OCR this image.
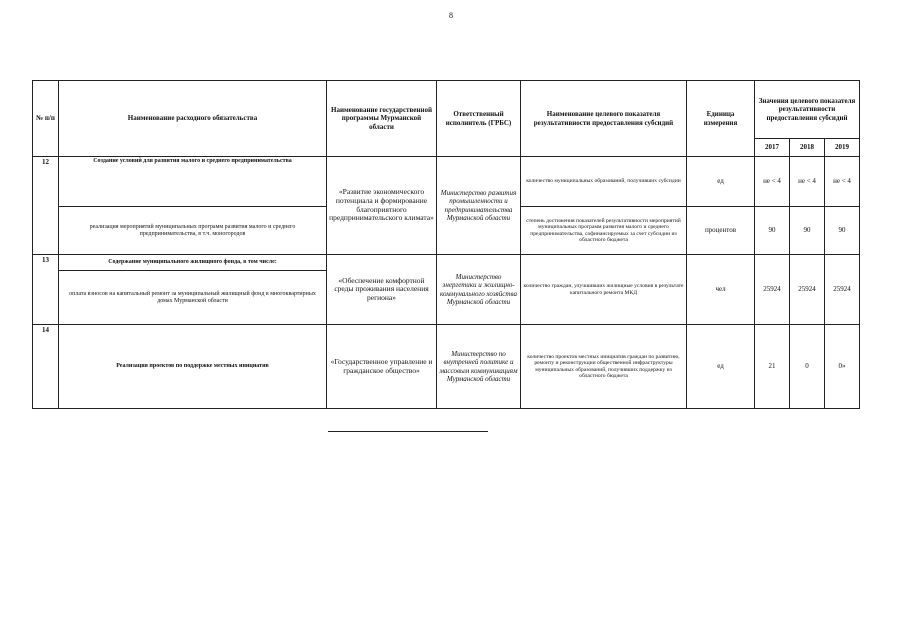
8
№ п/п	Наименование расходного обязательства	Наименование государственной программы Мурманской области	Ответственный исполнитель (ГРБС)	Наименование целевого показателя результативности предоставления субсидий	Единица измерения	Значения целевого показателя результативности предоставления субсидий		
						2017	2018	2019
12	Создание условий для развития малого и среднего предпринимательства	«Развитие экономического потенциала и формирование благоприятного предпринимательского климата»	Министерство развития промышленности и предпринимательства Мурманской области	количество муниципальных образований, получивших субсидии	ед	не < 4	не < 4	не < 4
	реализация мероприятий муниципальных программ развития малого и среднего предпринимательства, в т.ч. моногородов			степень достижения показателей результативности мероприятий муниципальных программ развития малого и среднего предпринимательства, софинансируемых за счет субсидии из областного бюджета	процентов	90	90	90
13	Содержание муниципального жилищного фонда, в том числе:	«Обеспечение комфортной среды проживания населения региона»	Министерство энергетики и жилищно-коммунального хозяйства Мурманской области	количество граждан, улучшивших жилищные условия в результате капитального ремонта МКД	чел	25924	25924	25924
	оплата взносов на капитальный ремонт за муниципальный жилищный фонд в многоквартирных домах Мурманской области							
14	Реализация проектов по поддержке местных инициатив	«Государственное управление и гражданское общество»	Министерство по внутренней политике и массовым коммуникациям Мурманской области	количество проектов местных инициатив граждан по развитию, ремонту и реконструкции общественной инфраструктуры муниципальных образований, получивших поддержку из областного бюджета	ед	21	0	0»
